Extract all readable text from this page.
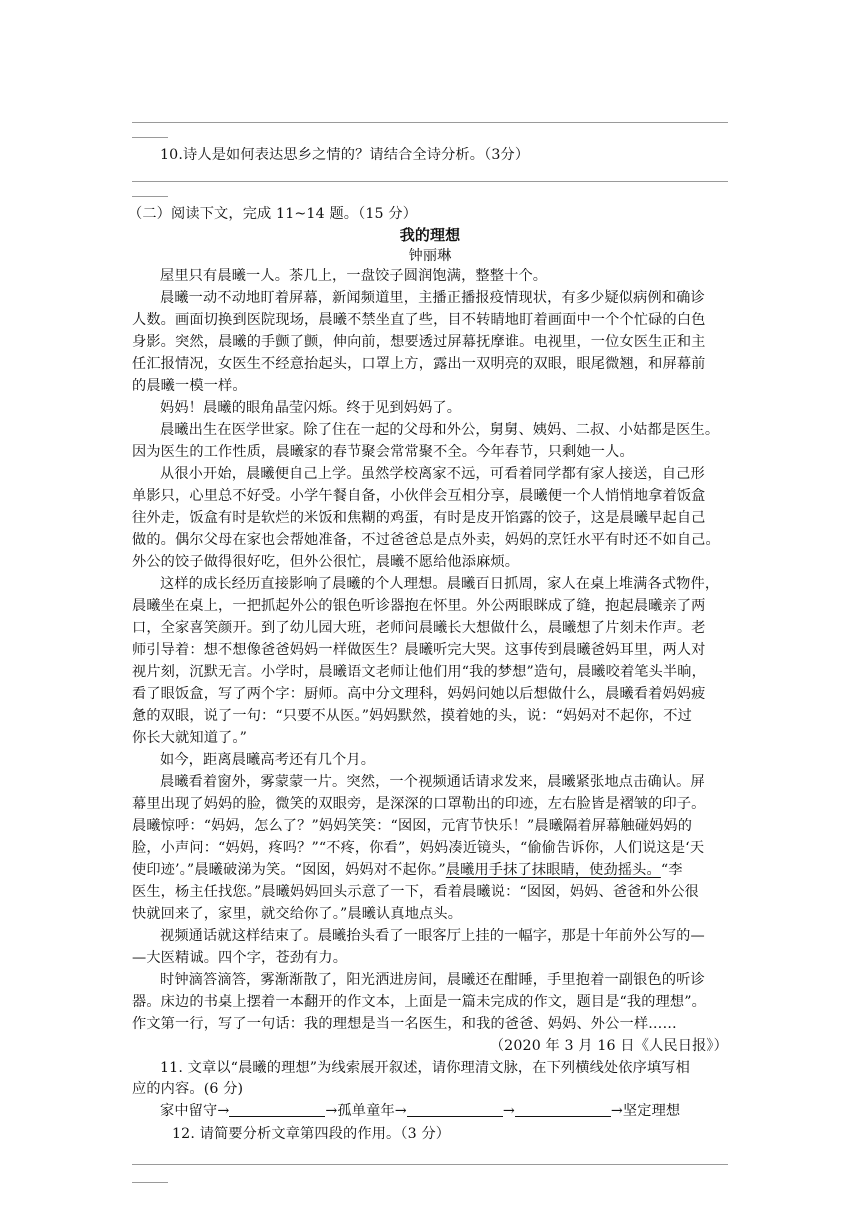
10.诗人是如何表达思乡之情的？请结合全诗分析。（3分）
（二）阅读下文，完成 11~14 题。（15 分）
我的理想
钟丽琳
屋里只有晨曦一人。茶几上，一盘饺子圆润饱满，整整十个。
晨曦一动不动地盯着屏幕，新闻频道里，主播正播报疫情现状，有多少疑似病例和确诊
人数。画面切换到医院现场，晨曦不禁坐直了些，目不转睛地盯着画面中一个个忙碌的白色
身影。突然，晨曦的手颤了颤，伸向前，想要透过屏幕抚摩谁。电视里，一位女医生正和主
任汇报情况，女医生不经意抬起头，口罩上方，露出一双明亮的双眼，眼尾微翘，和屏幕前
的晨曦一模一样。
妈妈！晨曦的眼角晶莹闪烁。终于见到妈妈了。
晨曦出生在医学世家。除了住在一起的父母和外公，舅舅、姨妈、二叔、小姑都是医生。
因为医生的工作性质，晨曦家的春节聚会常常聚不全。今年春节，只剩她一人。
从很小开始，晨曦便自己上学。虽然学校离家不远，可看着同学都有家人接送，自己形
单影只，心里总不好受。小学午餐自备，小伙伴会互相分享，晨曦便一个人悄悄地拿着饭盒
往外走，饭盒有时是软烂的米饭和焦糊的鸡蛋，有时是皮开馅露的饺子，这是晨曦早起自己
做的。偶尔父母在家也会帮她准备，不过爸爸总是点外卖，妈妈的烹饪水平有时还不如自己。
外公的饺子做得很好吃，但外公很忙，晨曦不愿给他添麻烦。
这样的成长经历直接影响了晨曦的个人理想。晨曦百日抓周，家人在桌上堆满各式物件，
晨曦坐在桌上，一把抓起外公的银色听诊器抱在怀里。外公两眼眯成了缝，抱起晨曦亲了两
口，全家喜笑颜开。到了幼儿园大班，老师问晨曦长大想做什么，晨曦想了片刻未作声。老
师引导着：想不想像爸爸妈妈一样做医生？晨曦听完大哭。这事传到晨曦爸妈耳里，两人对
视片刻，沉默无言。小学时，晨曦语文老师让他们用“我的梦想”造句，晨曦咬着笔头半晌，
看了眼饭盒，写了两个字：厨师。高中分文理科，妈妈问她以后想做什么，晨曦看着妈妈疲
惫的双眼，说了一句：“只要不从医。”妈妈默然，摸着她的头，说：“妈妈对不起你，不过
你长大就知道了。”
如今，距离晨曦高考还有几个月。
晨曦看着窗外，雾蒙蒙一片。突然，一个视频通话请求发来，晨曦紧张地点击确认。屏
幕里出现了妈妈的脸，微笑的双眼旁，是深深的口罩勒出的印迹，左右脸皆是褶皱的印子。
晨曦惊呼：“妈妈，怎么了？”妈妈笑笑：“囡囡，元宵节快乐！”晨曦隔着屏幕触碰妈妈的
脸，小声问：“妈妈，疼吗？”“不疼，你看”，妈妈凑近镜头，“偷偷告诉你，人们说这是‘天
使印迹’。”晨曦破涕为笑。“囡囡，妈妈对不起你。”晨曦用手抹了抹眼睛，使劲摇头。“李
医生，杨主任找您。”晨曦妈妈回头示意了一下，看着晨曦说：“囡囡，妈妈、爸爸和外公很
快就回来了，家里，就交给你了。”晨曦认真地点头。
视频通话就这样结束了。晨曦抬头看了一眼客厅上挂的一幅字，那是十年前外公写的—
—大医精诚。四个字，苍劲有力。
时钟滴答滴答，雾渐渐散了，阳光洒进房间，晨曦还在酣睡，手里抱着一副银色的听诊
器。床边的书桌上摆着一本翻开的作文本，上面是一篇未完成的作文，题目是“我的理想”。
作文第一行，写了一句话：我的理想是当一名医生，和我的爸爸、妈妈、外公一样……
（2020 年 3 月 16 日《人民日报》）
11. 文章以“晨曦的理想”为线索展开叙述，请你理清文脉，在下列横线处依序填写相
应的内容。(6 分)
家中留守→	→孤单童年→	→	→坚定理想
12. 请简要分析文章第四段的作用。（3 分）
